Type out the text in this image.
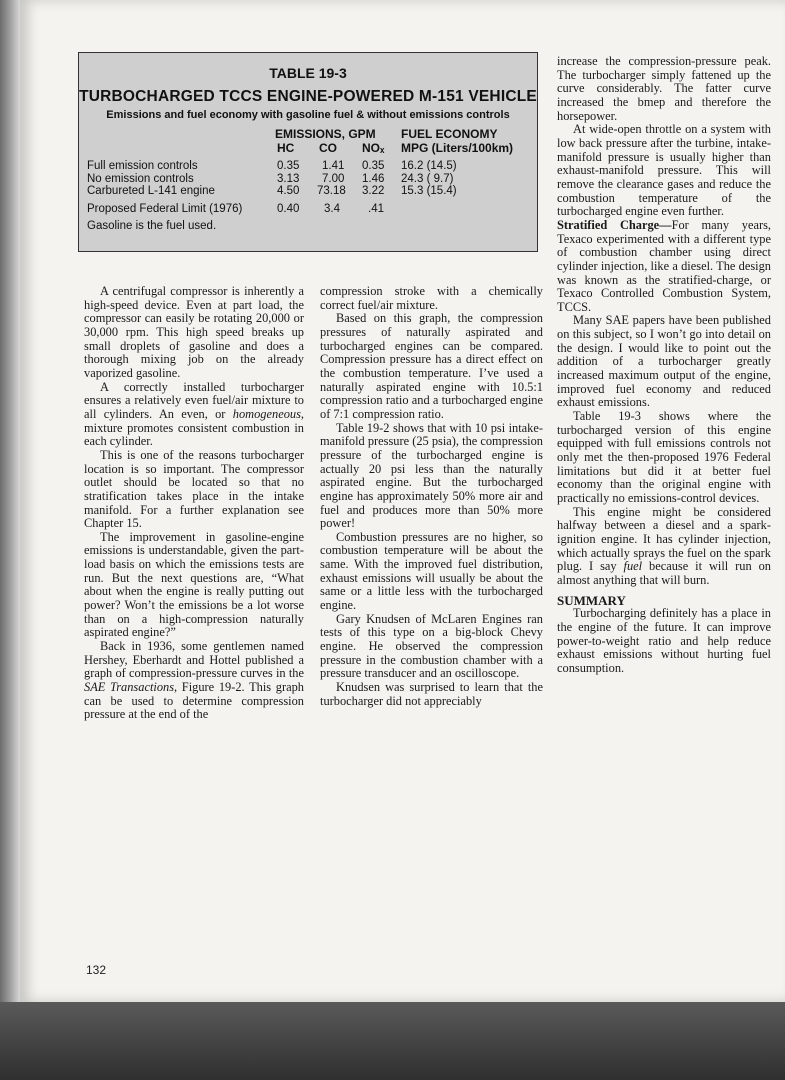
TABLE 19-3
TURBOCHARGED TCCS ENGINE-POWERED M-151 VEHICLE
Emissions and fuel economy with gasoline fuel & without emissions controls
EMISSIONS, GPM FUEL ECONOMY
HC CO NOₓ MPG (Liters/100km)
Full emission controls	0.35 1.41 0.35 16.2 (14.5)
No emission controls	3.13 7.00 1.46 24.3 ( 9.7)
Carbureted L-141 engine	4.50 73.18 3.22 15.3 (15.4)
Proposed Federal Limit (1976)	0.40 3.4 .41
Gasoline is the fuel used.

A centrifugal compressor is inherently a high-speed device. Even at part load, the compressor can easily be rotating 20,000 or 30,000 rpm. This high speed breaks up small droplets of gasoline and does a thorough mixing job on the already vaporized gasoline.

A correctly installed turbocharger ensures a relatively even fuel/air mixture to all cylinders. An even, or homogeneous, mixture promotes consistent combustion in each cylinder.

This is one of the reasons turbocharger location is so important. The compressor outlet should be located so that no stratification takes place in the intake manifold. For a further explanation see Chapter 15.

The improvement in gasoline-engine emissions is understandable, given the part-load basis on which the emissions tests are run. But the next questions are, “What about when the engine is really putting out power? Won’t the emissions be a lot worse than on a high-compression naturally aspirated engine?”

Back in 1936, some gentlemen named Hershey, Eberhardt and Hottel published a graph of compression-pressure curves in the SAE Transactions, Figure 19-2. This graph can be used to determine compression pressure at the end of the

compression stroke with a chemically correct fuel/air mixture.

Based on this graph, the compression pressures of naturally aspirated and turbocharged engines can be compared. Compression pressure has a direct effect on the combustion temperature. I’ve used a naturally aspirated engine with 10.5:1 compression ratio and a turbocharged engine of 7:1 compression ratio.

Table 19-2 shows that with 10 psi intake-manifold pressure (25 psia), the compression pressure of the turbocharged engine is actually 20 psi less than the naturally aspirated engine. But the turbocharged engine has approximately 50% more air and fuel and produces more than 50% more power!

Combustion pressures are no higher, so combustion temperature will be about the same. With the improved fuel distribution, exhaust emissions will usually be about the same or a little less with the turbocharged engine.

Gary Knudsen of McLaren Engines ran tests of this type on a big-block Chevy engine. He observed the compression pressure in the combustion chamber with a pressure transducer and an oscilloscope.

Knudsen was surprised to learn that the turbocharger did not appreciably

increase the compression-pressure peak. The turbocharger simply fattened up the curve considerably. The fatter curve increased the bmep and therefore the horsepower.

At wide-open throttle on a system with low back pressure after the turbine, intake-manifold pressure is usually higher than exhaust-manifold pressure. This will remove the clearance gases and reduce the combustion temperature of the turbocharged engine even further.

Stratified Charge—For many years, Texaco experimented with a different type of combustion chamber using direct cylinder injection, like a diesel. The design was known as the stratified-charge, or Texaco Controlled Combustion System, TCCS.

Many SAE papers have been published on this subject, so I won’t go into detail on the design. I would like to point out the addition of a turbocharger greatly increased maximum output of the engine, improved fuel economy and reduced exhaust emissions.

Table 19-3 shows where the turbocharged version of this engine equipped with full emissions controls not only met the then-proposed 1976 Federal limitations but did it at better fuel economy than the original engine with practically no emissions-control devices.

This engine might be considered halfway between a diesel and a spark-ignition engine. It has cylinder injection, which actually sprays the fuel on the spark plug. I say fuel because it will run on almost anything that will burn.

SUMMARY

Turbocharging definitely has a place in the engine of the future. It can improve power-to-weight ratio and help reduce exhaust emissions without hurting fuel consumption.

132
